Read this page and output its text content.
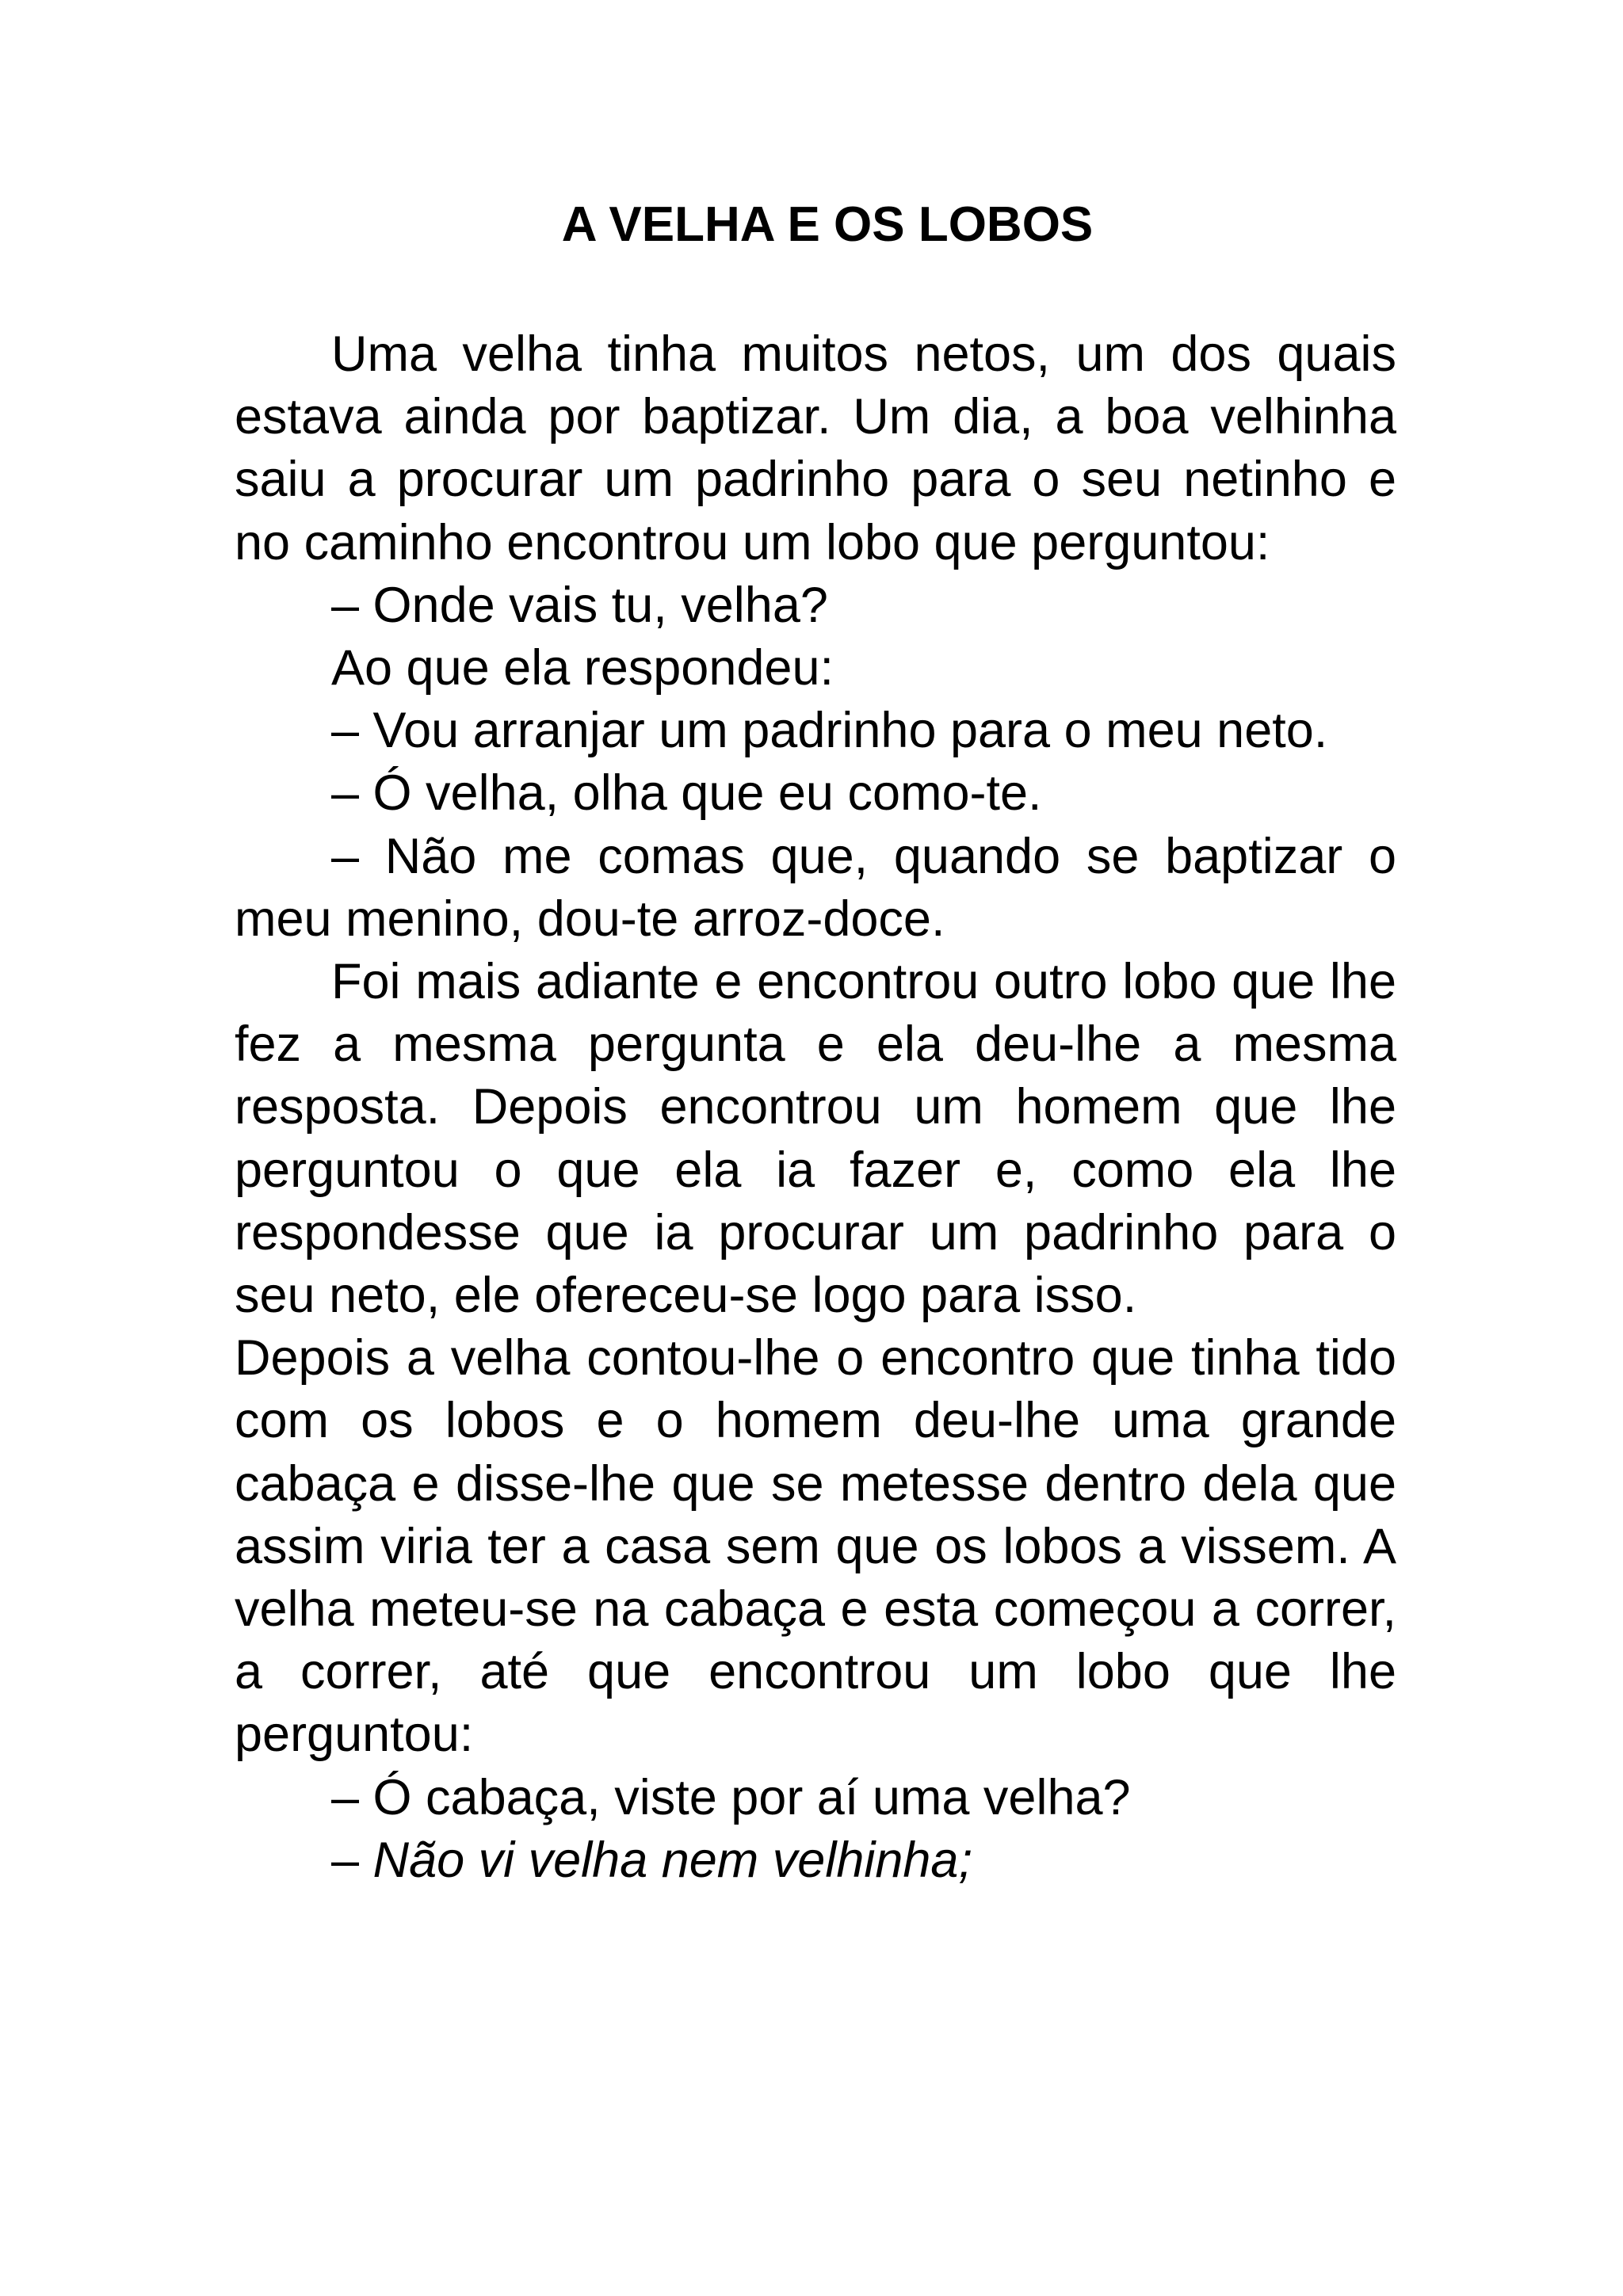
A VELHA E OS LOBOS

Uma velha tinha muitos netos, um dos quais estava ainda por baptizar. Um dia, a boa velhinha saiu a procurar um padrinho para o seu netinho e no caminho encontrou um lobo que perguntou:

– Onde vais tu, velha?

Ao que ela respondeu:

– Vou arranjar um padrinho para o meu neto.

– Ó velha, olha que eu como-te.

– Não me comas que, quando se baptizar o meu menino, dou-te arroz-doce.

Foi mais adiante e encontrou outro lobo que lhe fez a mesma pergunta e ela deu-lhe a mesma resposta. Depois encontrou um homem que lhe perguntou o que ela ia fazer e, como ela lhe respondesse que ia procurar um padrinho para o seu neto, ele ofereceu-se logo para isso.

Depois a velha contou-lhe o encontro que tinha tido com os lobos e o homem deu-lhe uma grande cabaça e disse-lhe que se metesse dentro dela que assim viria ter a casa sem que os lobos a vissem. A velha meteu-se na cabaça e esta começou a correr, a correr, até que encontrou um lobo que lhe perguntou:

– Ó cabaça, viste por aí uma velha?

– Não vi velha nem velhinha;
